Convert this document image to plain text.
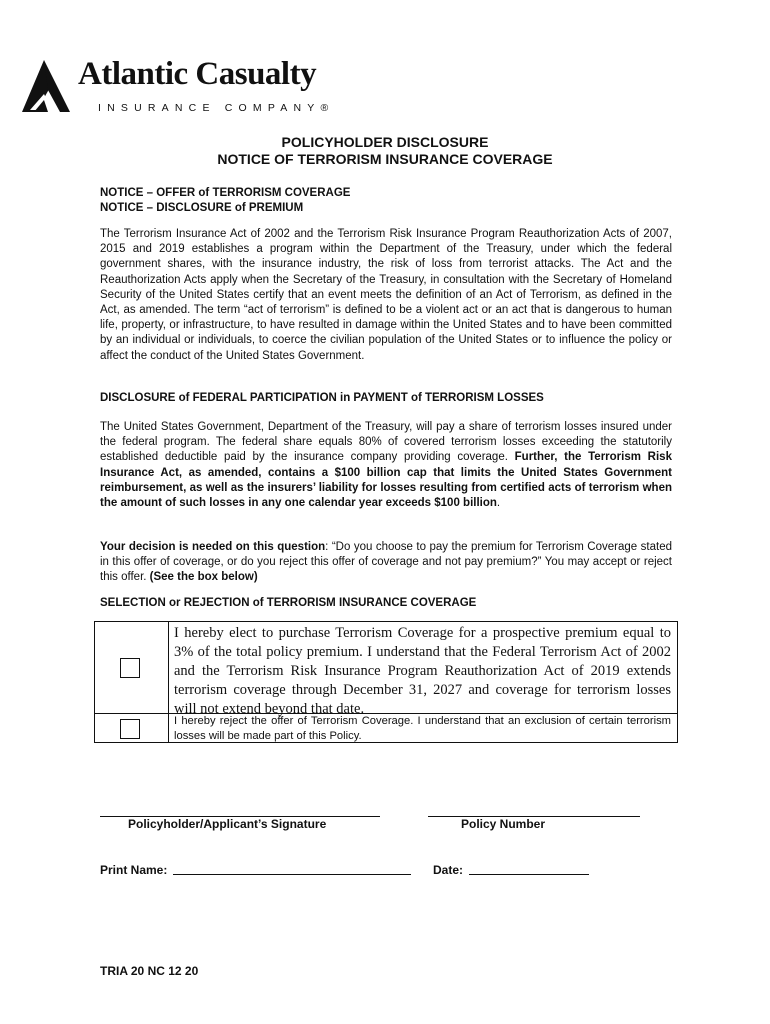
Atlantic Casualty
INSURANCE COMPANY®
POLICYHOLDER DISCLOSURE
NOTICE OF TERRORISM INSURANCE COVERAGE
NOTICE – OFFER of TERRORISM COVERAGE
NOTICE – DISCLOSURE of PREMIUM

The Terrorism Insurance Act of 2002 and the Terrorism Risk Insurance Program Reauthorization Acts of 2007, 2015 and 2019 establishes a program within the Department of the Treasury, under which the federal government shares, with the insurance industry, the risk of loss from terrorist attacks. The Act and the Reauthorization Acts apply when the Secretary of the Treasury, in consultation with the Secretary of Homeland Security of the United States certify that an event meets the definition of an Act of Terrorism, as defined in the Act, as amended. The term “act of terrorism” is defined to be a violent act or an act that is dangerous to human life, property, or infrastructure, to have resulted in damage within the United States and to have been committed by an individual or individuals, to coerce the civilian population of the United States or to influence the policy or affect the conduct of the United States Government.

DISCLOSURE of FEDERAL PARTICIPATION in PAYMENT of TERRORISM LOSSES

The United States Government, Department of the Treasury, will pay a share of terrorism losses insured under the federal program. The federal share equals 80% of covered terrorism losses exceeding the statutorily established deductible paid by the insurance company providing coverage. Further, the Terrorism Risk Insurance Act, as amended, contains a $100 billion cap that limits the United States Government reimbursement, as well as the insurers’ liability for losses resulting from certified acts of terrorism when the amount of such losses in any one calendar year exceeds $100 billion.

Your decision is needed on this question: “Do you choose to pay the premium for Terrorism Coverage stated in this offer of coverage, or do you reject this offer of coverage and not pay premium?” You may accept or reject this offer. (See the box below)

SELECTION or REJECTION of TERRORISM INSURANCE COVERAGE

I hereby elect to purchase Terrorism Coverage for a prospective premium equal to 3% of the total policy premium. I understand that the Federal Terrorism Act of 2002 and the Terrorism Risk Insurance Program Reauthorization Act of 2019 extends terrorism coverage through December 31, 2027 and coverage for terrorism losses will not extend beyond that date.

I hereby reject the offer of Terrorism Coverage. I understand that an exclusion of certain terrorism losses will be made part of this Policy.

Policyholder/Applicant’s Signature	Policy Number
Print Name:	Date:
TRIA 20 NC 12 20
